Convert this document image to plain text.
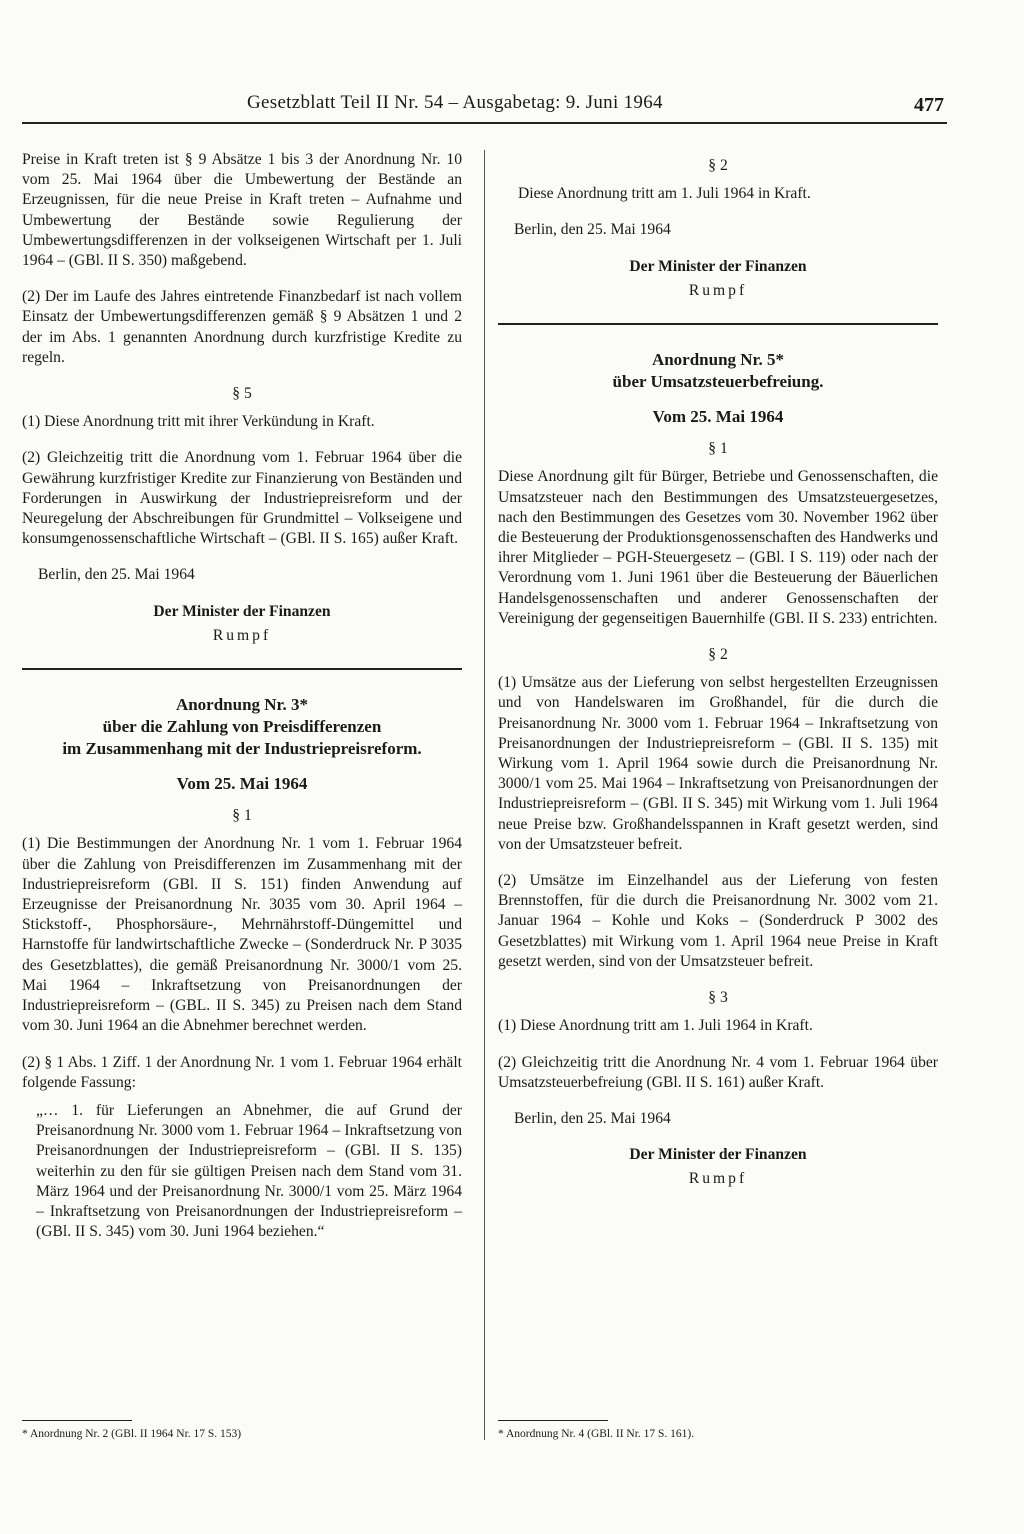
Gesetzblatt Teil II Nr. 54 – Ausgabetag: 9. Juni 1964	477

Preise in Kraft treten ist § 9 Absätze 1 bis 3 der Anordnung Nr. 10 vom 25. Mai 1964 über die Umbewertung der Bestände an Erzeugnissen, für die neue Preise in Kraft treten – Aufnahme und Umbewertung der Bestände sowie Regulierung der Umbewertungsdifferenzen in der volkseigenen Wirtschaft per 1. Juli 1964 – (GBl. II S. 350) maßgebend.

(2) Der im Laufe des Jahres eintretende Finanzbedarf ist nach vollem Einsatz der Umbewertungsdifferenzen gemäß § 9 Absätzen 1 und 2 der im Abs. 1 genannten Anordnung durch kurzfristige Kredite zu regeln.

§ 5

(1) Diese Anordnung tritt mit ihrer Verkündung in Kraft.

(2) Gleichzeitig tritt die Anordnung vom 1. Februar 1964 über die Gewährung kurzfristiger Kredite zur Finanzierung von Beständen und Forderungen in Auswirkung der Industriepreisreform und der Neuregelung der Abschreibungen für Grundmittel – Volkseigene und konsumgenossenschaftliche Wirtschaft – (GBl. II S. 165) außer Kraft.

Berlin, den 25. Mai 1964
Der Minister der Finanzen
Rumpf
Anordnung Nr. 3*
über die Zahlung von Preisdifferenzen
im Zusammenhang mit der Industriepreisreform.
Vom 25. Mai 1964
§ 1

(1) Die Bestimmungen der Anordnung Nr. 1 vom 1. Februar 1964 über die Zahlung von Preisdifferenzen im Zusammenhang mit der Industriepreisreform (GBl. II S. 151) finden Anwendung auf Erzeugnisse der Preisanordnung Nr. 3035 vom 30. April 1964 – Stickstoff-, Phosphorsäure-, Mehrnährstoff-Düngemittel und Harnstoffe für landwirtschaftliche Zwecke – (Sonderdruck Nr. P 3035 des Gesetzblattes), die gemäß Preisanordnung Nr. 3000/1 vom 25. Mai 1964 – Inkraftsetzung von Preisanordnungen der Industriepreisreform – (GBL. II S. 345) zu Preisen nach dem Stand vom 30. Juni 1964 an die Abnehmer berechnet werden.

(2) § 1 Abs. 1 Ziff. 1 der Anordnung Nr. 1 vom 1. Februar 1964 erhält folgende Fassung:

„… 1. für Lieferungen an Abnehmer, die auf Grund der Preisanordnung Nr. 3000 vom 1. Februar 1964 – Inkraftsetzung von Preisanordnungen der Industriepreisreform – (GBl. II S. 135) weiterhin zu den für sie gültigen Preisen nach dem Stand vom 31. März 1964 und der Preisanordnung Nr. 3000/1 vom 25. März 1964 – Inkraftsetzung von Preisanordnungen der Industriepreisreform – (GBl. II S. 345) vom 30. Juni 1964 beziehen.“

* Anordnung Nr. 2 (GBl. II 1964 Nr. 17 S. 153)
§ 2

Diese Anordnung tritt am 1. Juli 1964 in Kraft.

Berlin, den 25. Mai 1964
Der Minister der Finanzen
Rumpf
Anordnung Nr. 5*
über Umsatzsteuerbefreiung.
Vom 25. Mai 1964
§ 1

Diese Anordnung gilt für Bürger, Betriebe und Genossenschaften, die Umsatzsteuer nach den Bestimmungen des Umsatzsteuergesetzes, nach den Bestimmungen des Gesetzes vom 30. November 1962 über die Besteuerung der Produktionsgenossenschaften des Handwerks und ihrer Mitglieder – PGH-Steuergesetz – (GBl. I S. 119) oder nach der Verordnung vom 1. Juni 1961 über die Besteuerung der Bäuerlichen Handelsgenossenschaften und anderer Genossenschaften der Vereinigung der gegenseitigen Bauernhilfe (GBl. II S. 233) entrichten.

§ 2

(1) Umsätze aus der Lieferung von selbst hergestellten Erzeugnissen und von Handelswaren im Großhandel, für die durch die Preisanordnung Nr. 3000 vom 1. Februar 1964 – Inkraftsetzung von Preisanordnungen der Industriepreisreform – (GBl. II S. 135) mit Wirkung vom 1. April 1964 sowie durch die Preisanordnung Nr. 3000/1 vom 25. Mai 1964 – Inkraftsetzung von Preisanordnungen der Industriepreisreform – (GBl. II S. 345) mit Wirkung vom 1. Juli 1964 neue Preise bzw. Großhandelsspannen in Kraft gesetzt werden, sind von der Umsatzsteuer befreit.

(2) Umsätze im Einzelhandel aus der Lieferung von festen Brennstoffen, für die durch die Preisanordnung Nr. 3002 vom 21. Januar 1964 – Kohle und Koks – (Sonderdruck P 3002 des Gesetzblattes) mit Wirkung vom 1. April 1964 neue Preise in Kraft gesetzt werden, sind von der Umsatzsteuer befreit.

§ 3

(1) Diese Anordnung tritt am 1. Juli 1964 in Kraft.

(2) Gleichzeitig tritt die Anordnung Nr. 4 vom 1. Februar 1964 über Umsatzsteuerbefreiung (GBl. II S. 161) außer Kraft.

Berlin, den 25. Mai 1964
Der Minister der Finanzen
Rumpf
* Anordnung Nr. 4 (GBl. II Nr. 17 S. 161).
